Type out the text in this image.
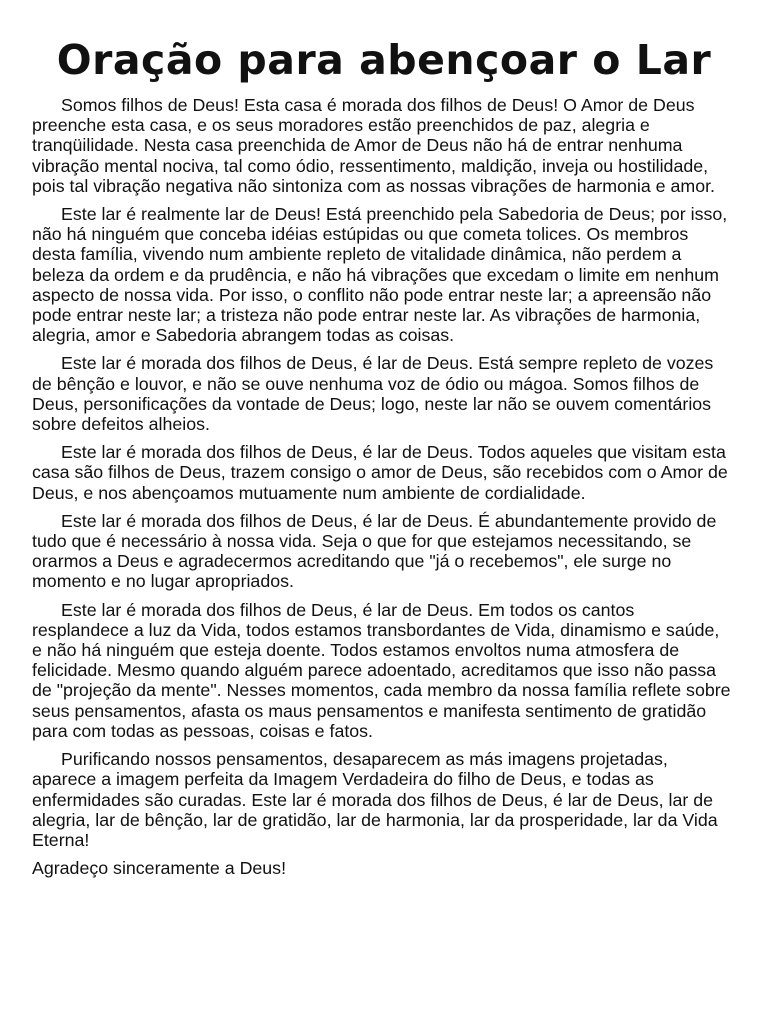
Oração para abençoar o Lar

Somos filhos de Deus! Esta casa é morada dos filhos de Deus! O Amor de Deus preenche esta casa, e os seus moradores estão preenchidos de paz, alegria e tranqüilidade. Nesta casa preenchida de Amor de Deus não há de entrar nenhuma vibração mental nociva, tal como ódio, ressentimento, maldição, inveja ou hostilidade, pois tal vibração negativa não sintoniza com as nossas vibrações de harmonia e amor.

Este lar é realmente lar de Deus! Está preenchido pela Sabedoria de Deus; por isso, não há ninguém que conceba idéias estúpidas ou que cometa tolices. Os membros desta família, vivendo num ambiente repleto de vitalidade dinâmica, não perdem a beleza da ordem e da prudência, e não há vibrações que excedam o limite em nenhum aspecto de nossa vida. Por isso, o conflito não pode entrar neste lar; a apreensão não pode entrar neste lar; a tristeza não pode entrar neste lar. As vibrações de harmonia, alegria, amor e Sabedoria abrangem todas as coisas.

Este lar é morada dos filhos de Deus, é lar de Deus. Está sempre repleto de vozes de bênção e louvor, e não se ouve nenhuma voz de ódio ou mágoa. Somos filhos de Deus, personificações da vontade de Deus; logo, neste lar não se ouvem comentários sobre defeitos alheios.

Este lar é morada dos filhos de Deus, é lar de Deus. Todos aqueles que visitam esta casa são filhos de Deus, trazem consigo o amor de Deus, são recebidos com o Amor de Deus, e nos abençoamos mutuamente num ambiente de cordialidade.

Este lar é morada dos filhos de Deus, é lar de Deus. É abundantemente provido de tudo que é necessário à nossa vida. Seja o que for que estejamos necessitando, se orarmos a Deus e agradecermos acreditando que "já o recebemos", ele surge no momento e no lugar apropriados.

Este lar é morada dos filhos de Deus, é lar de Deus. Em todos os cantos resplandece a luz da Vida, todos estamos transbordantes de Vida, dinamismo e saúde, e não há ninguém que esteja doente. Todos estamos envoltos numa atmosfera de felicidade. Mesmo quando alguém parece adoentado, acreditamos que isso não passa de "projeção da mente". Nesses momentos, cada membro da nossa família reflete sobre seus pensamentos, afasta os maus pensamentos e manifesta sentimento de gratidão para com todas as pessoas, coisas e fatos.

Purificando nossos pensamentos, desaparecem as más imagens projetadas, aparece a imagem perfeita da Imagem Verdadeira do filho de Deus, e todas as enfermidades são curadas. Este lar é morada dos filhos de Deus, é lar de Deus, lar de alegria, lar de bênção, lar de gratidão, lar de harmonia, lar da prosperidade, lar da Vida Eterna!

Agradeço sinceramente a Deus!
